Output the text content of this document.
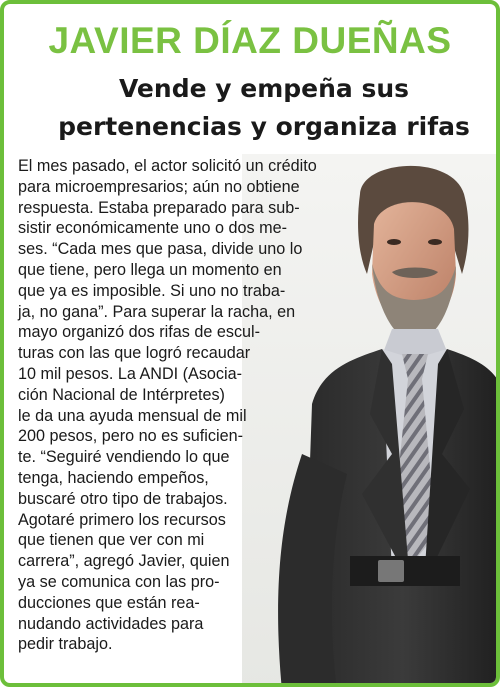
JAVIER DÍAZ DUEÑAS
Vende y empeña sus
pertenencias y organiza rifas

El mes pasado, el actor solicitó un crédito
para microempresarios; aún no obtiene
respuesta. Estaba preparado para sub-
sistir económicamente uno o dos me-
ses. “Cada mes que pasa, divide uno lo
que tiene, pero llega un momento en
que ya es imposible. Si uno no traba-
ja, no gana”. Para superar la racha, en
mayo organizó dos rifas de escul-
turas con las que logró recaudar
10 mil pesos. La ANDI (Asocia-
ción Nacional de Intérpretes)
le da una ayuda mensual de mil
200 pesos, pero no es suficien-
te. “Seguiré vendiendo lo que
tenga, haciendo empeños,
buscaré otro tipo de trabajos.
Agotaré primero los recursos
que tienen que ver con mi
carrera”, agregó Javier, quien
ya se comunica con las pro-
ducciones que están rea-
nudando actividades para
pedir trabajo.
